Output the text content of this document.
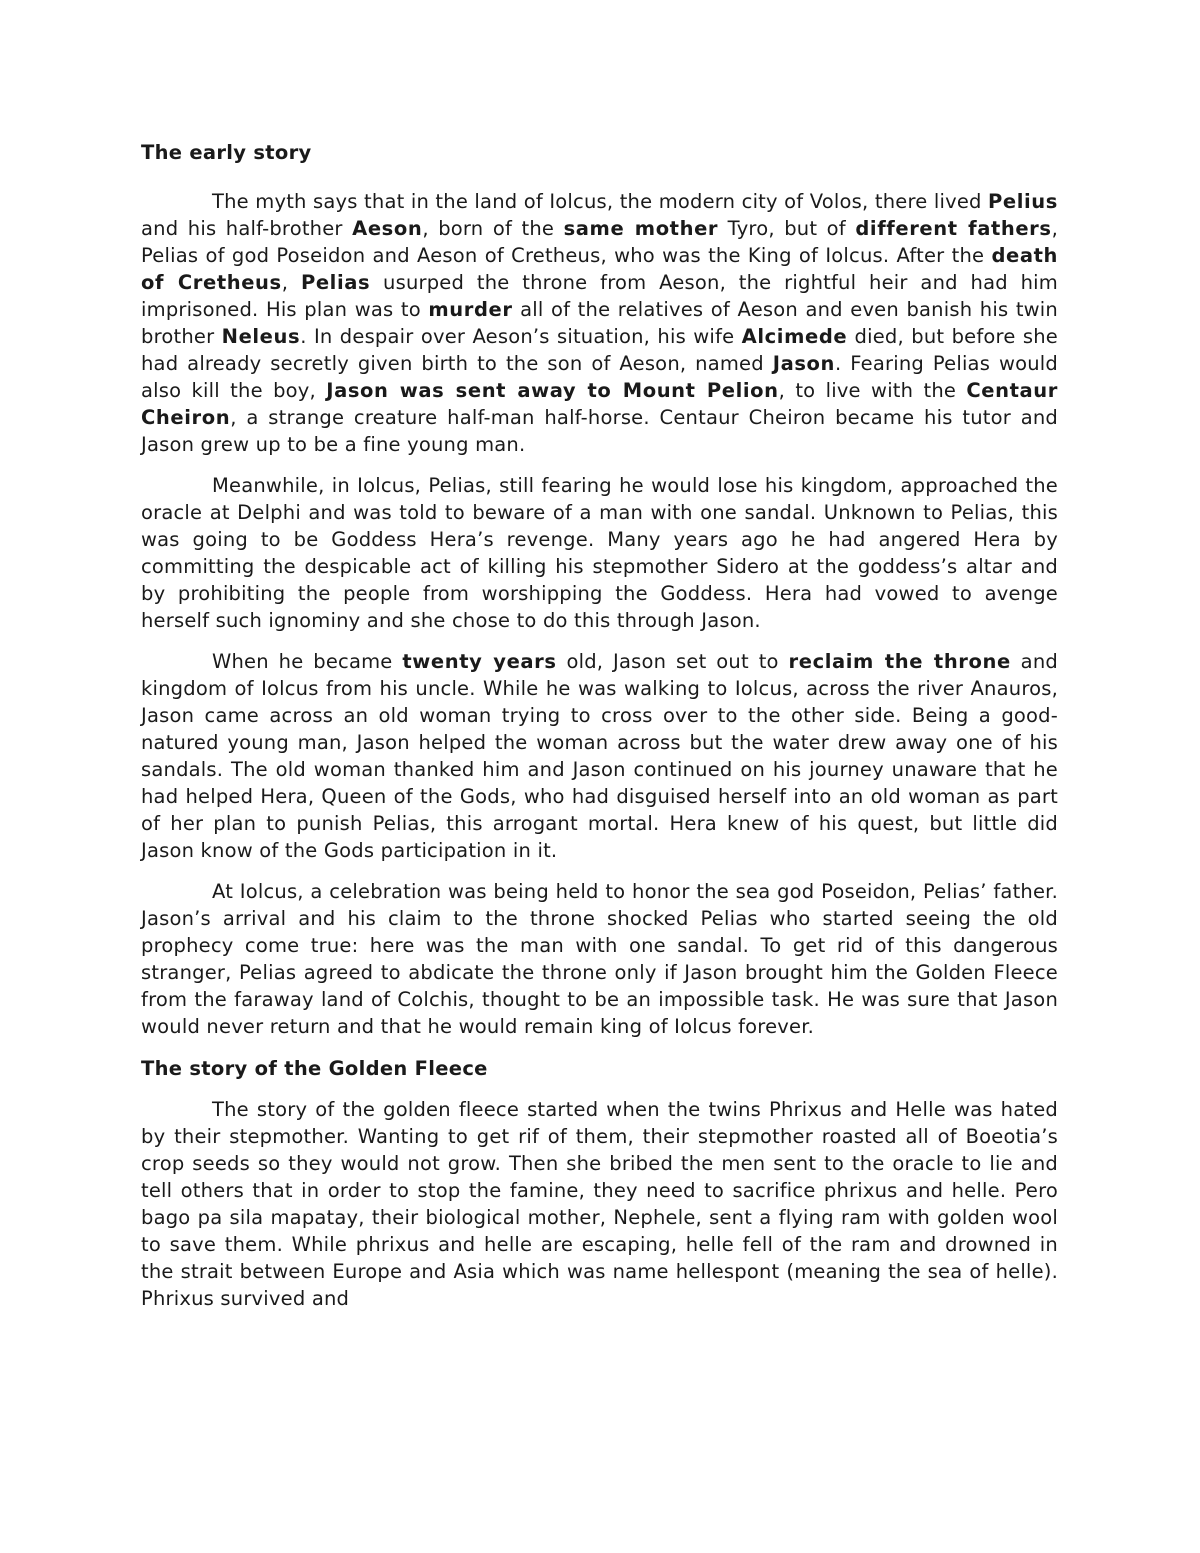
The early story

The myth says that in the land of Iolcus, the modern city of Volos, there lived Pelius and his half-brother Aeson, born of the same mother Tyro, but of different fathers, Pelias of god Poseidon and Aeson of Cretheus, who was the King of Iolcus. After the death of Cretheus, Pelias usurped the throne from Aeson, the rightful heir and had him imprisoned. His plan was to murder all of the relatives of Aeson and even banish his twin brother Neleus. In despair over Aeson’s situation, his wife Alcimede died, but before she had already secretly given birth to the son of Aeson, named Jason. Fearing Pelias would also kill the boy, Jason was sent away to Mount Pelion, to live with the Centaur Cheiron, a strange creature half-man half-horse. Centaur Cheiron became his tutor and Jason grew up to be a fine young man.

Meanwhile, in Iolcus, Pelias, still fearing he would lose his kingdom, approached the oracle at Delphi and was told to beware of a man with one sandal. Unknown to Pelias, this was going to be Goddess Hera’s revenge. Many years ago he had angered Hera by committing the despicable act of killing his stepmother Sidero at the goddess’s altar and by prohibiting the people from worshipping the Goddess. Hera had vowed to avenge herself such ignominy and she chose to do this through Jason.

When he became twenty years old, Jason set out to reclaim the throne and kingdom of Iolcus from his uncle. While he was walking to Iolcus, across the river Anauros, Jason came across an old woman trying to cross over to the other side. Being a good-natured young man, Jason helped the woman across but the water drew away one of his sandals. The old woman thanked him and Jason continued on his journey unaware that he had helped Hera, Queen of the Gods, who had disguised herself into an old woman as part of her plan to punish Pelias, this arrogant mortal. Hera knew of his quest, but little did Jason know of the Gods participation in it.

At Iolcus, a celebration was being held to honor the sea god Poseidon, Pelias’ father. Jason’s arrival and his claim to the throne shocked Pelias who started seeing the old prophecy come true: here was the man with one sandal. To get rid of this dangerous stranger, Pelias agreed to abdicate the throne only if Jason brought him the Golden Fleece from the faraway land of Colchis, thought to be an impossible task. He was sure that Jason would never return and that he would remain king of Iolcus forever.

The story of the Golden Fleece

The story of the golden fleece started when the twins Phrixus and Helle was hated by their stepmother. Wanting to get rif of them, their stepmother roasted all of Boeotia’s crop seeds so they would not grow. Then she bribed the men sent to the oracle to lie and tell others that in order to stop the famine, they need to sacrifice phrixus and helle. Pero bago pa sila mapatay, their biological mother, Nephele, sent a flying ram with golden wool to save them. While phrixus and helle are escaping, helle fell of the ram and drowned in the strait between Europe and Asia which was name hellespont (meaning the sea of helle). Phrixus survived and
